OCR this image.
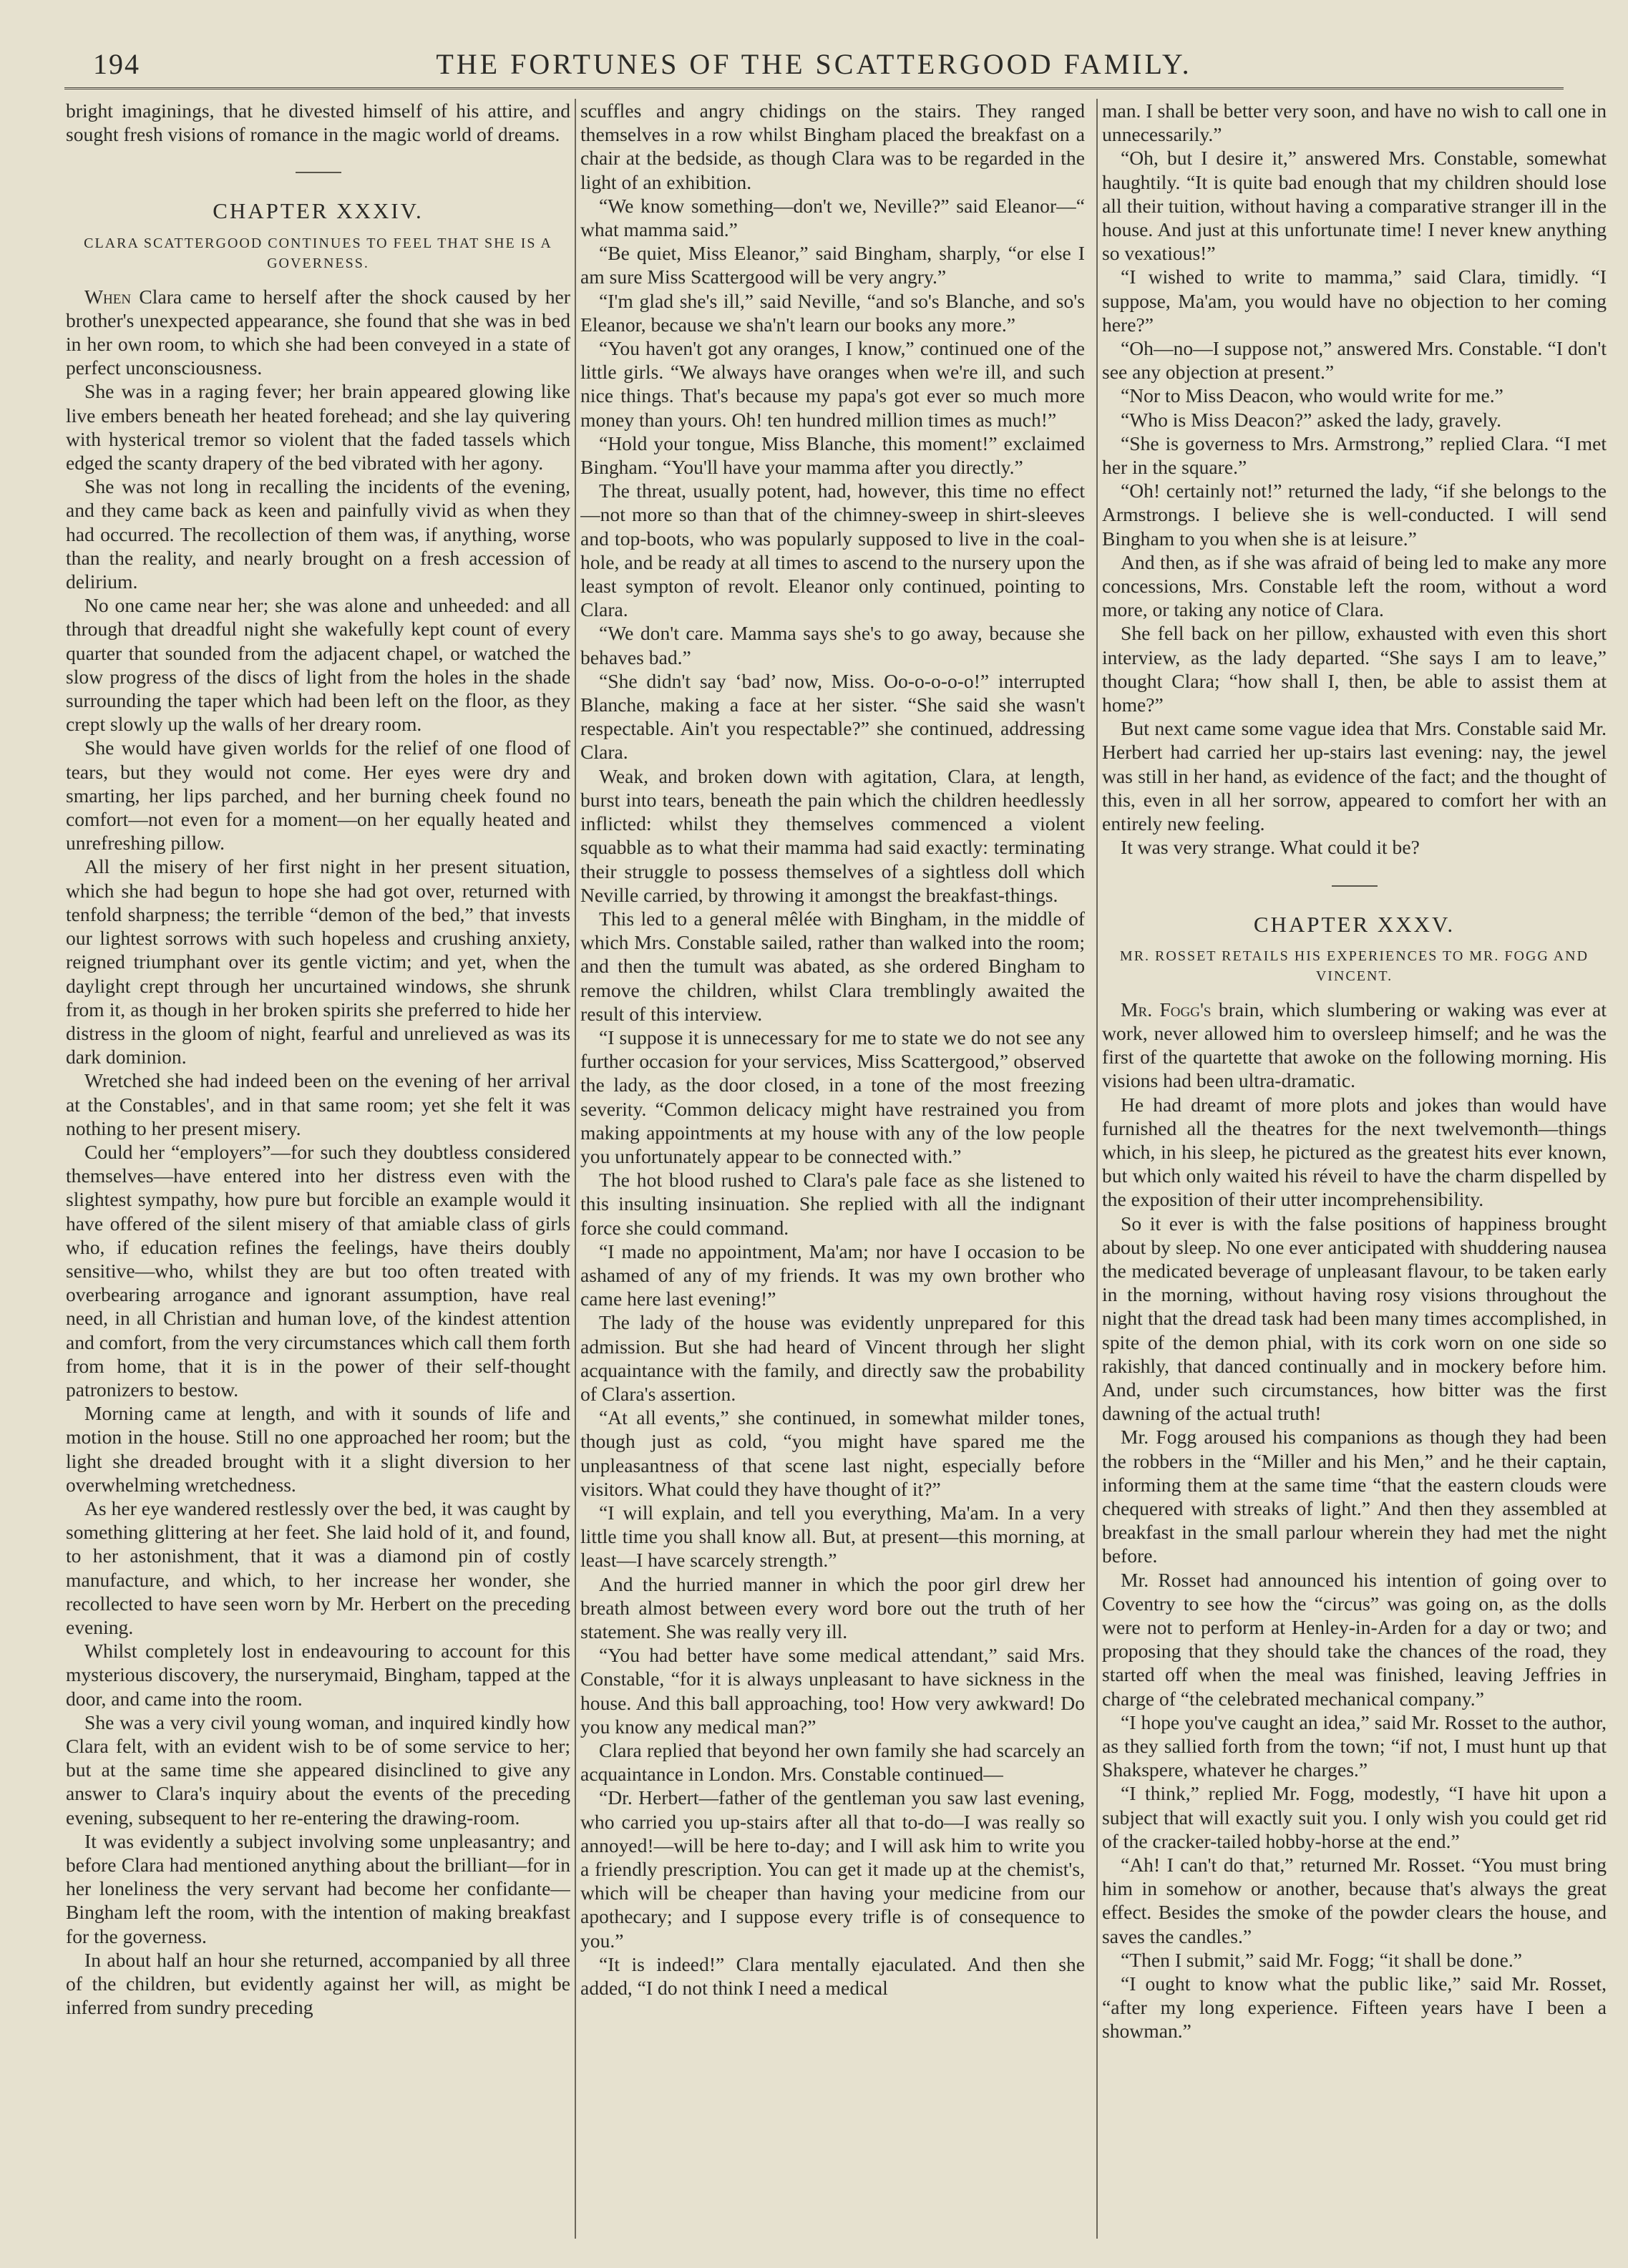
194	THE FORTUNES OF THE SCATTERGOOD FAMILY.

bright imaginings, that he divested himself of his attire, and sought fresh visions of romance in the magic world of dreams.

CHAPTER XXXIV.
CLARA SCATTERGOOD CONTINUES TO FEEL THAT SHE IS A GOVERNESS.

When Clara came to herself after the shock caused by her brother's unexpected appearance, she found that she was in bed in her own room, to which she had been conveyed in a state of perfect unconsciousness.

She was in a raging fever; her brain appeared glowing like live embers beneath her heated forehead; and she lay quivering with hysterical tremor so violent that the faded tassels which edged the scanty drapery of the bed vibrated with her agony.

She was not long in recalling the incidents of the evening, and they came back as keen and painfully vivid as when they had occurred. The recollection of them was, if anything, worse than the reality, and nearly brought on a fresh accession of delirium.

No one came near her; she was alone and unheeded: and all through that dreadful night she wakefully kept count of every quarter that sounded from the adjacent chapel, or watched the slow progress of the discs of light from the holes in the shade surrounding the taper which had been left on the floor, as they crept slowly up the walls of her dreary room.

She would have given worlds for the relief of one flood of tears, but they would not come. Her eyes were dry and smarting, her lips parched, and her burning cheek found no comfort—not even for a moment—on her equally heated and unrefreshing pillow.

All the misery of her first night in her present situation, which she had begun to hope she had got over, returned with tenfold sharpness; the terrible “demon of the bed,” that invests our lightest sorrows with such hopeless and crushing anxiety, reigned triumphant over its gentle victim; and yet, when the daylight crept through her uncurtained windows, she shrunk from it, as though in her broken spirits she preferred to hide her distress in the gloom of night, fearful and unrelieved as was its dark dominion.

Wretched she had indeed been on the evening of her arrival at the Constables', and in that same room; yet she felt it was nothing to her present misery.

Could her “employers”—for such they doubtless considered themselves—have entered into her distress even with the slightest sympathy, how pure but forcible an example would it have offered of the silent misery of that amiable class of girls who, if education refines the feelings, have theirs doubly sensitive—who, whilst they are but too often treated with overbearing arrogance and ignorant assumption, have real need, in all Christian and human love, of the kindest attention and comfort, from the very circumstances which call them forth from home, that it is in the power of their self-thought patronizers to bestow.

Morning came at length, and with it sounds of life and motion in the house. Still no one approached her room; but the light she dreaded brought with it a slight diversion to her overwhelming wretchedness.

As her eye wandered restlessly over the bed, it was caught by something glittering at her feet. She laid hold of it, and found, to her astonishment, that it was a diamond pin of costly manufacture, and which, to her increase her wonder, she recollected to have seen worn by Mr. Herbert on the preceding evening.

Whilst completely lost in endeavouring to account for this mysterious discovery, the nurserymaid, Bingham, tapped at the door, and came into the room.

She was a very civil young woman, and inquired kindly how Clara felt, with an evident wish to be of some service to her; but at the same time she appeared disinclined to give any answer to Clara's inquiry about the events of the preceding evening, subsequent to her re-entering the drawing-room.

It was evidently a subject involving some unpleasantry; and before Clara had mentioned anything about the brilliant—for in her loneliness the very servant had become her confidante—Bingham left the room, with the intention of making breakfast for the governess.

In about half an hour she returned, accompanied by all three of the children, but evidently against her will, as might be inferred from sundry preceding

scuffles and angry chidings on the stairs. They ranged themselves in a row whilst Bingham placed the breakfast on a chair at the bedside, as though Clara was to be regarded in the light of an exhibition.

“We know something—don't we, Neville?” said Eleanor—“ what mamma said.”

“Be quiet, Miss Eleanor,” said Bingham, sharply, “or else I am sure Miss Scattergood will be very angry.”

“I'm glad she's ill,” said Neville, “and so's Blanche, and so's Eleanor, because we sha'n't learn our books any more.”

“You haven't got any oranges, I know,” continued one of the little girls. “We always have oranges when we're ill, and such nice things. That's because my papa's got ever so much more money than yours. Oh! ten hundred million times as much!”

“Hold your tongue, Miss Blanche, this moment!” exclaimed Bingham. “You'll have your mamma after you directly.”

The threat, usually potent, had, however, this time no effect—not more so than that of the chimney-sweep in shirt-sleeves and top-boots, who was popularly supposed to live in the coal-hole, and be ready at all times to ascend to the nursery upon the least sympton of revolt. Eleanor only continued, pointing to Clara.

“We don't care. Mamma says she's to go away, because she behaves bad.”

“She didn't say ‘bad’ now, Miss. Oo-o-o-o-o!” interrupted Blanche, making a face at her sister. “She said she wasn't respectable. Ain't you respectable?” she continued, addressing Clara.

Weak, and broken down with agitation, Clara, at length, burst into tears, beneath the pain which the children heedlessly inflicted: whilst they themselves commenced a violent squabble as to what their mamma had said exactly: terminating their struggle to possess themselves of a sightless doll which Neville carried, by throwing it amongst the breakfast-things.

This led to a general mêlée with Bingham, in the middle of which Mrs. Constable sailed, rather than walked into the room; and then the tumult was abated, as she ordered Bingham to remove the children, whilst Clara tremblingly awaited the result of this interview.

“I suppose it is unnecessary for me to state we do not see any further occasion for your services, Miss Scattergood,” observed the lady, as the door closed, in a tone of the most freezing severity. “Common delicacy might have restrained you from making appointments at my house with any of the low people you unfortunately appear to be connected with.”

The hot blood rushed to Clara's pale face as she listened to this insulting insinuation. She replied with all the indignant force she could command.

“I made no appointment, Ma'am; nor have I occasion to be ashamed of any of my friends. It was my own brother who came here last evening!”

The lady of the house was evidently unprepared for this admission. But she had heard of Vincent through her slight acquaintance with the family, and directly saw the probability of Clara's assertion.

“At all events,” she continued, in somewhat milder tones, though just as cold, “you might have spared me the unpleasantness of that scene last night, especially before visitors. What could they have thought of it?”

“I will explain, and tell you everything, Ma'am. In a very little time you shall know all. But, at present—this morning, at least—I have scarcely strength.”

And the hurried manner in which the poor girl drew her breath almost between every word bore out the truth of her statement. She was really very ill.

“You had better have some medical attendant,” said Mrs. Constable, “for it is always unpleasant to have sickness in the house. And this ball approaching, too! How very awkward! Do you know any medical man?”

Clara replied that beyond her own family she had scarcely an acquaintance in London. Mrs. Constable continued—

“Dr. Herbert—father of the gentleman you saw last evening, who carried you up-stairs after all that to-do—I was really so annoyed!—will be here to-day; and I will ask him to write you a friendly prescription. You can get it made up at the chemist's, which will be cheaper than having your medicine from our apothecary; and I suppose every trifle is of consequence to you.”

“It is indeed!” Clara mentally ejaculated. And then she added, “I do not think I need a medical

man. I shall be better very soon, and have no wish to call one in unnecessarily.”

“Oh, but I desire it,” answered Mrs. Constable, somewhat haughtily. “It is quite bad enough that my children should lose all their tuition, without having a comparative stranger ill in the house. And just at this unfortunate time! I never knew anything so vexatious!”

“I wished to write to mamma,” said Clara, timidly. “I suppose, Ma'am, you would have no objection to her coming here?”

“Oh—no—I suppose not,” answered Mrs. Constable. “I don't see any objection at present.”

“Nor to Miss Deacon, who would write for me.”

“Who is Miss Deacon?” asked the lady, gravely.

“She is governess to Mrs. Armstrong,” replied Clara. “I met her in the square.”

“Oh! certainly not!” returned the lady, “if she belongs to the Armstrongs. I believe she is well-conducted. I will send Bingham to you when she is at leisure.”

And then, as if she was afraid of being led to make any more concessions, Mrs. Constable left the room, without a word more, or taking any notice of Clara.

She fell back on her pillow, exhausted with even this short interview, as the lady departed. “She says I am to leave,” thought Clara; “how shall I, then, be able to assist them at home?”

But next came some vague idea that Mrs. Constable said Mr. Herbert had carried her up-stairs last evening: nay, the jewel was still in her hand, as evidence of the fact; and the thought of this, even in all her sorrow, appeared to comfort her with an entirely new feeling.

It was very strange. What could it be?

CHAPTER XXXV.
MR. ROSSET RETAILS HIS EXPERIENCES TO MR. FOGG AND VINCENT.

Mr. Fogg's brain, which slumbering or waking was ever at work, never allowed him to oversleep himself; and he was the first of the quartette that awoke on the following morning. His visions had been ultra-dramatic.

He had dreamt of more plots and jokes than would have furnished all the theatres for the next twelvemonth—things which, in his sleep, he pictured as the greatest hits ever known, but which only waited his réveil to have the charm dispelled by the exposition of their utter incomprehensibility.

So it ever is with the false positions of happiness brought about by sleep. No one ever anticipated with shuddering nausea the medicated beverage of unpleasant flavour, to be taken early in the morning, without having rosy visions throughout the night that the dread task had been many times accomplished, in spite of the demon phial, with its cork worn on one side so rakishly, that danced continually and in mockery before him. And, under such circumstances, how bitter was the first dawning of the actual truth!

Mr. Fogg aroused his companions as though they had been the robbers in the “Miller and his Men,” and he their captain, informing them at the same time “that the eastern clouds were chequered with streaks of light.” And then they assembled at breakfast in the small parlour wherein they had met the night before.

Mr. Rosset had announced his intention of going over to Coventry to see how the “circus” was going on, as the dolls were not to perform at Henley-in-Arden for a day or two; and proposing that they should take the chances of the road, they started off when the meal was finished, leaving Jeffries in charge of “the celebrated mechanical company.”

“I hope you've caught an idea,” said Mr. Rosset to the author, as they sallied forth from the town; “if not, I must hunt up that Shakspere, whatever he charges.”

“I think,” replied Mr. Fogg, modestly, “I have hit upon a subject that will exactly suit you. I only wish you could get rid of the cracker-tailed hobby-horse at the end.”

“Ah! I can't do that,” returned Mr. Rosset. “You must bring him in somehow or another, because that's always the great effect. Besides the smoke of the powder clears the house, and saves the candles.”

“Then I submit,” said Mr. Fogg; “it shall be done.”

“I ought to know what the public like,” said Mr. Rosset, “after my long experience. Fifteen years have I been a showman.”
